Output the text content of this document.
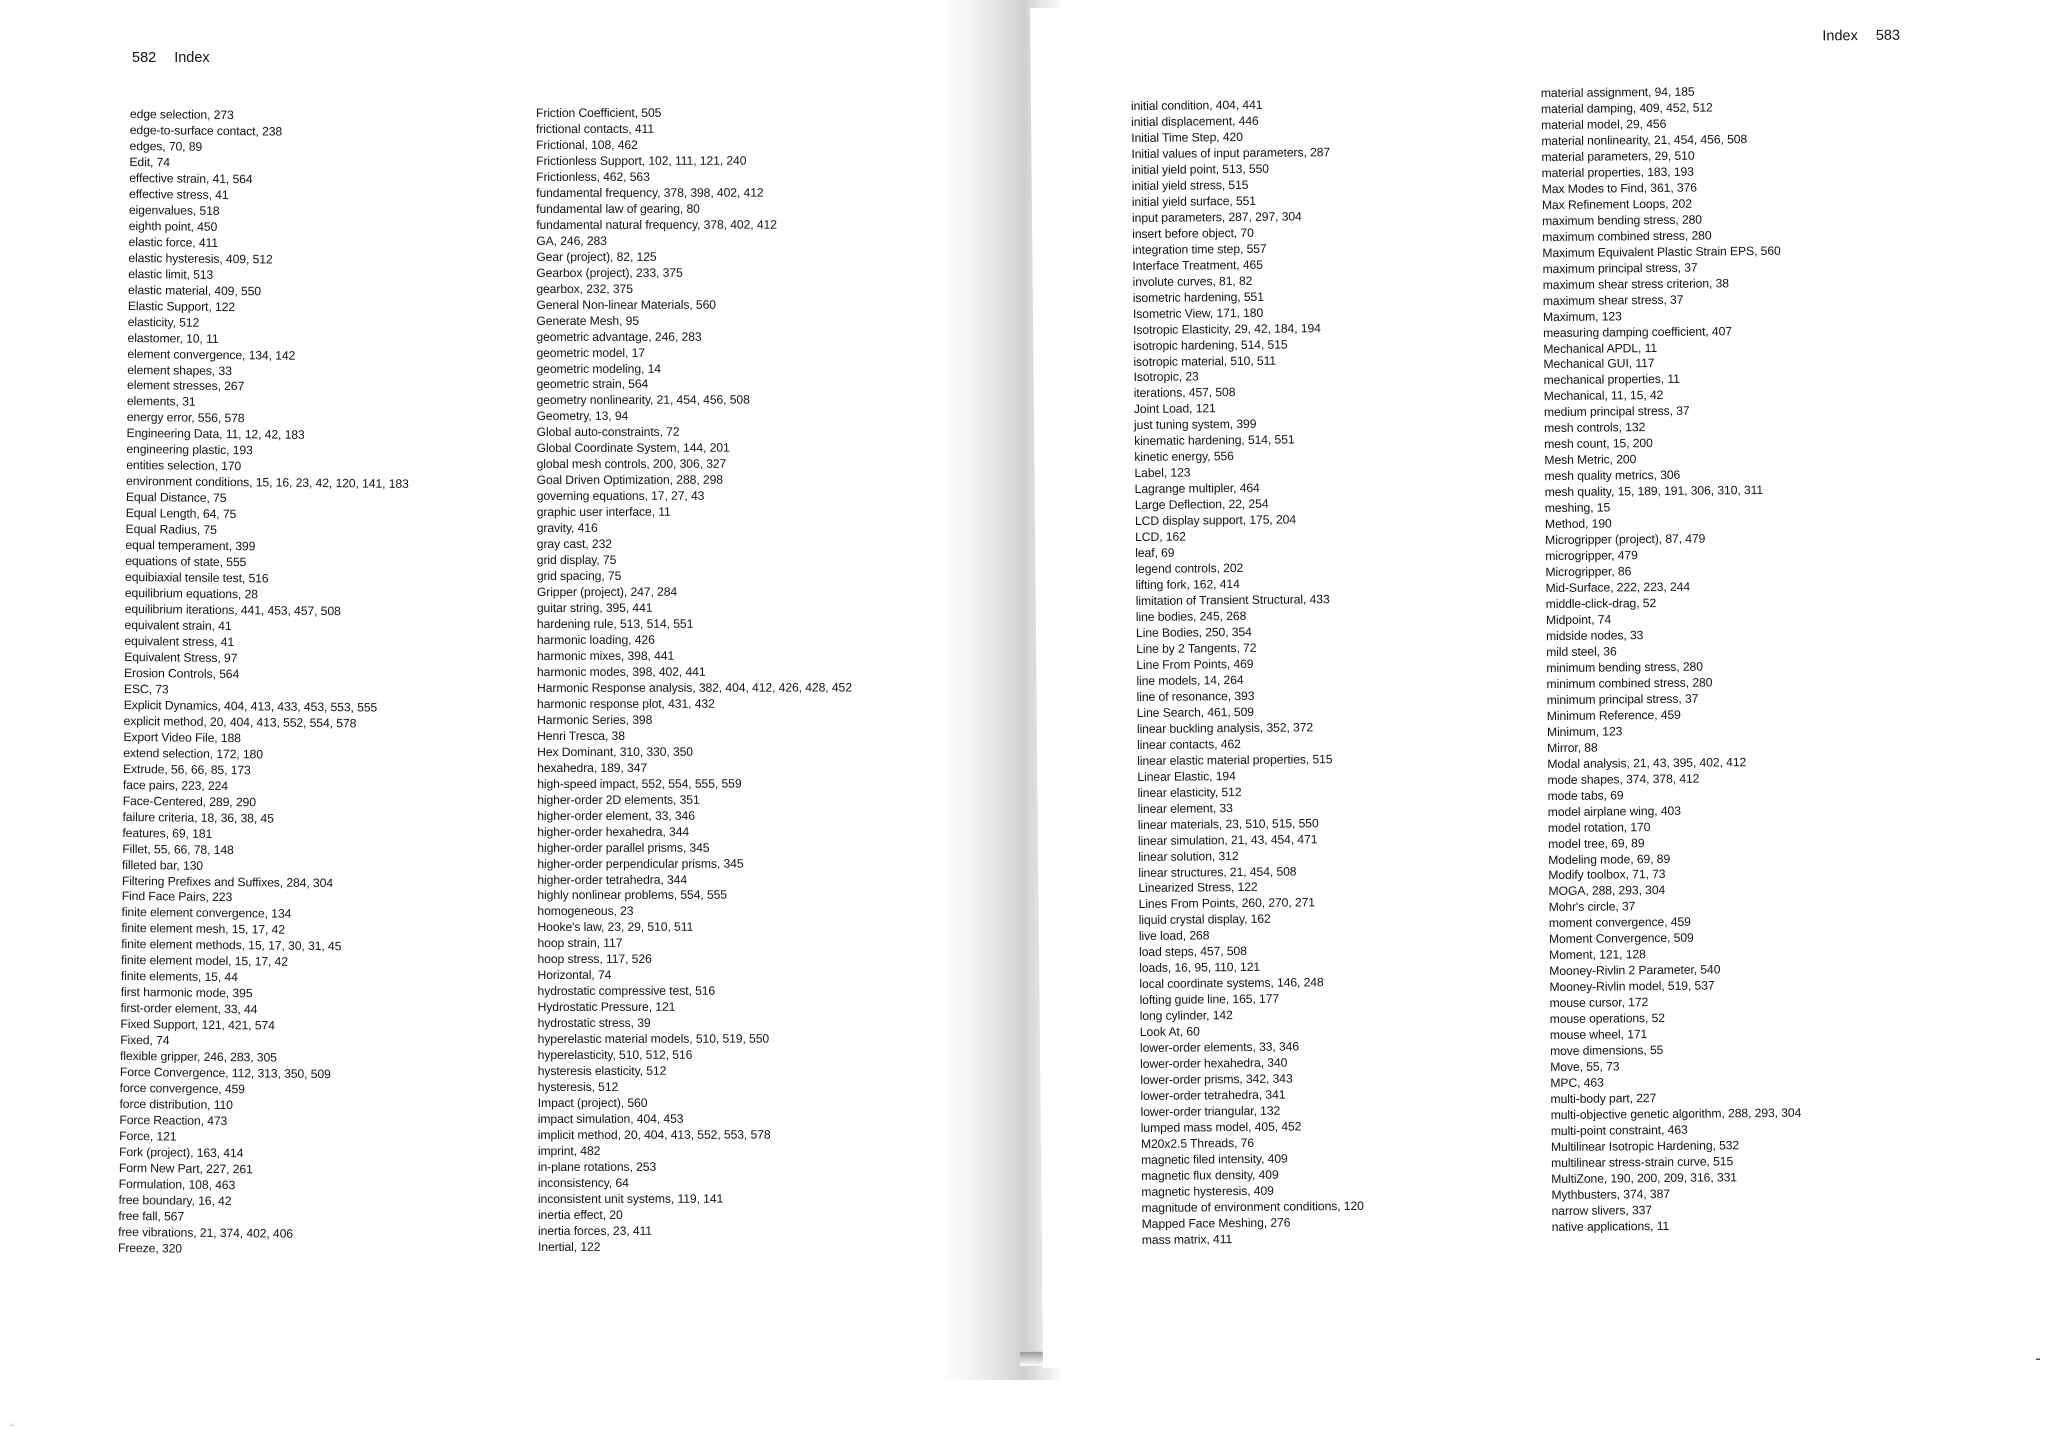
582 Index
edge selection, 273
edge-to-surface contact, 238
edges, 70, 89
Edit, 74
effective strain, 41, 564
effective stress, 41
eigenvalues, 518
eighth point, 450
elastic force, 411
elastic hysteresis, 409, 512
elastic limit, 513
elastic material, 409, 550
Elastic Support, 122
elasticity, 512
elastomer, 10, 11
element convergence, 134, 142
element shapes, 33
element stresses, 267
elements, 31
energy error, 556, 578
Engineering Data, 11, 12, 42, 183
engineering plastic, 193
entities selection, 170
environment conditions, 15, 16, 23, 42, 120, 141, 183
Equal Distance, 75
Equal Length, 64, 75
Equal Radius, 75
equal temperament, 399
equations of state, 555
equibiaxial tensile test, 516
equilibrium equations, 28
equilibrium iterations, 441, 453, 457, 508
equivalent strain, 41
equivalent stress, 41
Equivalent Stress, 97
Erosion Controls, 564
ESC, 73
Explicit Dynamics, 404, 413, 433, 453, 553, 555
explicit method, 20, 404, 413, 552, 554, 578
Export Video File, 188
extend selection, 172, 180
Extrude, 56, 66, 85, 173
face pairs, 223, 224
Face-Centered, 289, 290
failure criteria, 18, 36, 38, 45
features, 69, 181
Fillet, 55, 66, 78, 148
filleted bar, 130
Filtering Prefixes and Suffixes, 284, 304
Find Face Pairs, 223
finite element convergence, 134
finite element mesh, 15, 17, 42
finite element methods, 15, 17, 30, 31, 45
finite element model, 15, 17, 42
finite elements, 15, 44
first harmonic mode, 395
first-order element, 33, 44
Fixed Support, 121, 421, 574
Fixed, 74
flexible gripper, 246, 283, 305
Force Convergence, 112, 313, 350, 509
force convergence, 459
force distribution, 110
Force Reaction, 473
Force, 121
Fork (project), 163, 414
Form New Part, 227, 261
Formulation, 108, 463
free boundary, 16, 42
free fall, 567
free vibrations, 21, 374, 402, 406
Freeze, 320
Friction Coefficient, 505
frictional contacts, 411
Frictional, 108, 462
Frictionless Support, 102, 111, 121, 240
Frictionless, 462, 563
fundamental frequency, 378, 398, 402, 412
fundamental law of gearing, 80
fundamental natural frequency, 378, 402, 412
GA, 246, 283
Gear (project), 82, 125
Gearbox (project), 233, 375
gearbox, 232, 375
General Non-linear Materials, 560
Generate Mesh, 95
geometric advantage, 246, 283
geometric model, 17
geometric modeling, 14
geometric strain, 564
geometry nonlinearity, 21, 454, 456, 508
Geometry, 13, 94
Global auto-constraints, 72
Global Coordinate System, 144, 201
global mesh controls, 200, 306, 327
Goal Driven Optimization, 288, 298
governing equations, 17, 27, 43
graphic user interface, 11
gravity, 416
gray cast, 232
grid display, 75
grid spacing, 75
Gripper (project), 247, 284
guitar string, 395, 441
hardening rule, 513, 514, 551
harmonic loading, 426
harmonic mixes, 398, 441
harmonic modes, 398, 402, 441
Harmonic Response analysis, 382, 404, 412, 426, 428, 452
harmonic response plot, 431, 432
Harmonic Series, 398
Henri Tresca, 38
Hex Dominant, 310, 330, 350
hexahedra, 189, 347
high-speed impact, 552, 554, 555, 559
higher-order 2D elements, 351
higher-order element, 33, 346
higher-order hexahedra, 344
higher-order parallel prisms, 345
higher-order perpendicular prisms, 345
higher-order tetrahedra, 344
highly nonlinear problems, 554, 555
homogeneous, 23
Hooke's law, 23, 29, 510, 511
hoop strain, 117
hoop stress, 117, 526
Horizontal, 74
hydrostatic compressive test, 516
Hydrostatic Pressure, 121
hydrostatic stress, 39
hyperelastic material models, 510, 519, 550
hyperelasticity, 510, 512, 516
hysteresis elasticity, 512
hysteresis, 512
Impact (project), 560
impact simulation, 404, 453
implicit method, 20, 404, 413, 552, 553, 578
imprint, 482
in-plane rotations, 253
inconsistency, 64
inconsistent unit systems, 119, 141
inertia effect, 20
inertia forces, 23, 411
Inertial, 122
Index 583
initial condition, 404, 441
initial displacement, 446
Initial Time Step, 420
Initial values of input parameters, 287
initial yield point, 513, 550
initial yield stress, 515
initial yield surface, 551
input parameters, 287, 297, 304
insert before object, 70
integration time step, 557
Interface Treatment, 465
involute curves, 81, 82
isometric hardening, 551
Isometric View, 171, 180
Isotropic Elasticity, 29, 42, 184, 194
isotropic hardening, 514, 515
isotropic material, 510, 511
Isotropic, 23
iterations, 457, 508
Joint Load, 121
just tuning system, 399
kinematic hardening, 514, 551
kinetic energy, 556
Label, 123
Lagrange multipler, 464
Large Deflection, 22, 254
LCD display support, 175, 204
LCD, 162
leaf, 69
legend controls, 202
lifting fork, 162, 414
limitation of Transient Structural, 433
line bodies, 245, 268
Line Bodies, 250, 354
Line by 2 Tangents, 72
Line From Points, 469
line models, 14, 264
line of resonance, 393
Line Search, 461, 509
linear buckling analysis, 352, 372
linear contacts, 462
linear elastic material properties, 515
Linear Elastic, 194
linear elasticity, 512
linear element, 33
linear materials, 23, 510, 515, 550
linear simulation, 21, 43, 454, 471
linear solution, 312
linear structures, 21, 454, 508
Linearized Stress, 122
Lines From Points, 260, 270, 271
liquid crystal display, 162
live load, 268
load steps, 457, 508
loads, 16, 95, 110, 121
local coordinate systems, 146, 248
lofting guide line, 165, 177
long cylinder, 142
Look At, 60
lower-order elements, 33, 346
lower-order hexahedra, 340
lower-order prisms, 342, 343
lower-order tetrahedra, 341
lower-order triangular, 132
lumped mass model, 405, 452
M20x2.5 Threads, 76
magnetic filed intensity, 409
magnetic flux density, 409
magnetic hysteresis, 409
magnitude of environment conditions, 120
Mapped Face Meshing, 276
mass matrix, 411
material assignment, 94, 185
material damping, 409, 452, 512
material model, 29, 456
material nonlinearity, 21, 454, 456, 508
material parameters, 29, 510
material properties, 183, 193
Max Modes to Find, 361, 376
Max Refinement Loops, 202
maximum bending stress, 280
maximum combined stress, 280
Maximum Equivalent Plastic Strain EPS, 560
maximum principal stress, 37
maximum shear stress criterion, 38
maximum shear stress, 37
Maximum, 123
measuring damping coefficient, 407
Mechanical APDL, 11
Mechanical GUI, 117
mechanical properties, 11
Mechanical, 11, 15, 42
medium principal stress, 37
mesh controls, 132
mesh count, 15, 200
Mesh Metric, 200
mesh quality metrics, 306
mesh quality, 15, 189, 191, 306, 310, 311
meshing, 15
Method, 190
Microgripper (project), 87, 479
microgripper, 479
Microgripper, 86
Mid-Surface, 222, 223, 244
middle-click-drag, 52
Midpoint, 74
midside nodes, 33
mild steel, 36
minimum bending stress, 280
minimum combined stress, 280
minimum principal stress, 37
Minimum Reference, 459
Minimum, 123
Mirror, 88
Modal analysis, 21, 43, 395, 402, 412
mode shapes, 374, 378, 412
mode tabs, 69
model airplane wing, 403
model rotation, 170
model tree, 69, 89
Modeling mode, 69, 89
Modify toolbox, 71, 73
MOGA, 288, 293, 304
Mohr's circle, 37
moment convergence, 459
Moment Convergence, 509
Moment, 121, 128
Mooney-Rivlin 2 Parameter, 540
Mooney-Rivlin model, 519, 537
mouse cursor, 172
mouse operations, 52
mouse wheel, 171
move dimensions, 55
Move, 55, 73
MPC, 463
multi-body part, 227
multi-objective genetic algorithm, 288, 293, 304
multi-point constraint, 463
Multilinear Isotropic Hardening, 532
multilinear stress-strain curve, 515
MultiZone, 190, 200, 209, 316, 331
Mythbusters, 374, 387
narrow slivers, 337
native applications, 11
‘‘
